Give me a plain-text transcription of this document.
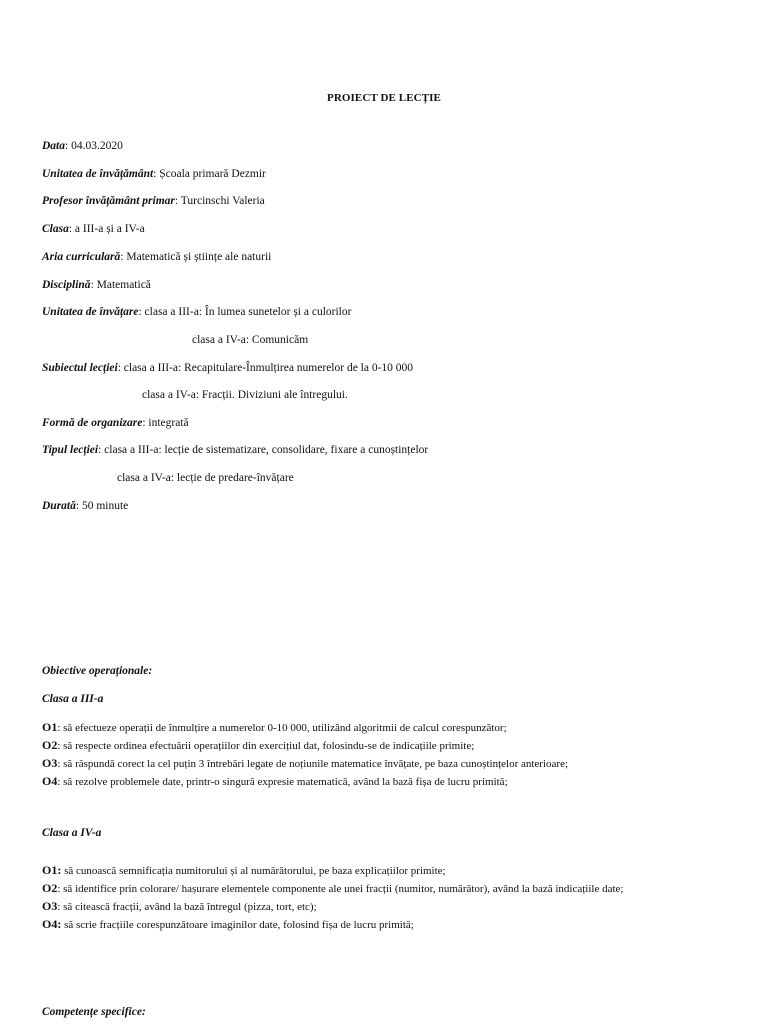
PROIECT DE LECȚIE
Data: 04.03.2020
Unitatea de învățământ: Școala primară Dezmir
Profesor învățământ primar: Turcinschi Valeria
Clasa: a III-a și a IV-a
Aria curriculară: Matematică și științe ale naturii
Disciplină: Matematică
Unitatea de învățare: clasa a III-a: În lumea sunetelor și a culorilor
clasa a IV-a: Comunicăm
Subiectul lecției: clasa a III-a: Recapitulare-Înmulțirea numerelor de la 0-10 000
clasa a IV-a: Fracții. Diviziuni ale întregului.
Formă de organizare: integrată
Tipul lecției: clasa a III-a: lecție de sistematizare, consolidare, fixare a cunoștințelor
clasa a IV-a: lecție de predare-învățare
Durată: 50 minute
Obiective operaționale:
Clasa a III-a
O1: să efectueze operații de înmulțire a numerelor 0-10 000, utilizând algoritmii de calcul corespunzător;
O2: să respecte ordinea efectuării operațiilor din exercițiul dat, folosindu-se de indicațiile primite;
O3: să răspundă corect la cel puțin 3 întrebări legate de noțiunile matematice învățate, pe baza cunoștințelor anterioare;
O4: să rezolve problemele date, printr-o singură expresie matematică, având la bază fișa de lucru primită;
Clasa a IV-a
O1: să cunoască semnificația numitorului și al numărătorului, pe baza explicațiilor primite;
O2: să identifice prin colorare/ hașurare elementele componente ale unei fracții (numitor, numărător), având la bază indicațiile date;
O3: să citească fracții, având la bază întregul (pizza, tort, etc);
O4: să scrie fracțiile corespunzătoare imaginilor date, folosind fișa de lucru primită;
Competențe specifice:
